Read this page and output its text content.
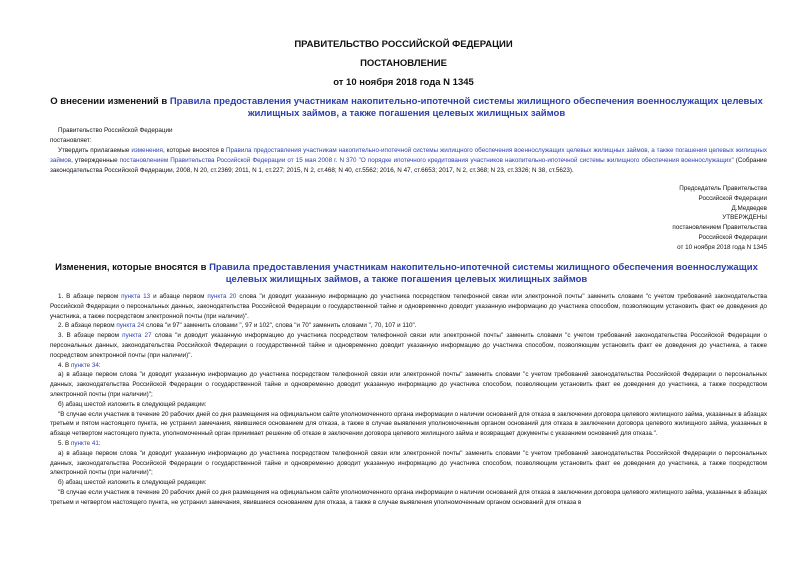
ПРАВИТЕЛЬСТВО РОССИЙСКОЙ ФЕДЕРАЦИИ
ПОСТАНОВЛЕНИЕ
от 10 ноября 2018 года N 1345
О внесении изменений в Правила предоставления участникам накопительно-ипотечной системы жилищного обеспечения военнослужащих целевых жилищных займов, а также погашения целевых жилищных займов

Правительство Российской Федерации

постановляет:

Утвердить прилагаемые изменения, которые вносятся в Правила предоставления участникам накопительно-ипотечной системы жилищного обеспечения военнослужащих целевых жилищных займов, а также погашения целевых жилищных займов, утвержденные постановлением Правительства Российской Федерации от 15 мая 2008 г. N 370 "О порядке ипотечного кредитования участников накопительно-ипотечной системы жилищного обеспечения военнослужащих" (Собрание законодательства Российской Федерации, 2008, N 20, ст.2369; 2011, N 1, ст.227; 2015, N 2, ст.468; N 40, ст.5562; 2016, N 47, ст.6653; 2017, N 2, ст.368; N 23, ст.3326; N 38, ст.5623).

Председатель Правительства

Российской Федерации

Д.Медведев

УТВЕРЖДЕНЫ

постановлением Правительства

Российской Федерации

от 10 ноября 2018 года N 1345

Изменения, которые вносятся в Правила предоставления участникам накопительно-ипотечной системы жилищного обеспечения военнослужащих целевых жилищных займов, а также погашения целевых жилищных займов

1. В абзаце первом пункта 13 и абзаце первом пункта 20 слова "и доводит указанную информацию до участника посредством телефонной связи или электронной почты" заменить словами "с учетом требований законодательства Российской Федерации о персональных данных, законодательства Российской Федерации о государственной тайне и одновременно доводит указанную информацию до участника способом, позволяющим установить факт ее доведения до участника, а также посредством электронной почты (при наличии)".

2. В абзаце первом пункта 24 слова "и 97" заменить словами ", 97 и 102", слова "и 70" заменить словами ", 70, 107 и 110".

3. В абзаце первом пункта 27 слова "и доводит указанную информацию до участника посредством телефонной связи или электронной почты" заменить словами "с учетом требований законодательства Российской Федерации о персональных данных, законодательства Российской Федерации о государственной тайне и одновременно доводит указанную информацию до участника способом, позволяющим установить факт ее доведения до участника, а также посредством электронной почты (при наличии)".

4. В пункте 34:

а) в абзаце первом слова "и доводит указанную информацию до участника посредством телефонной связи или электронной почты" заменить словами "с учетом требований законодательства Российской Федерации о персональных данных, законодательства Российской Федерации о государственной тайне и одновременно доводит указанную информацию до участника способом, позволяющим установить факт ее доведения до участника, а также посредством электронной почты (при наличии)";

б) абзац шестой изложить в следующей редакции:

"В случае если участник в течение 20 рабочих дней со дня размещения на официальном сайте уполномоченного органа информации о наличии оснований для отказа в заключении договора целевого жилищного займа, указанных в абзацах третьем и пятом настоящего пункта, не устранил замечания, явившиеся основанием для отказа, а также в случае выявления уполномоченным органом оснований для отказа в заключении договора целевого жилищного займа, указанных в абзаце четвертом настоящего пункта, уполномоченный орган принимает решение об отказе в заключении договора целевого жилищного займа и возвращает документы с указанием оснований для отказа.".

5. В пункте 41:

а) в абзаце первом слова "и доводит указанную информацию до участника посредством телефонной связи или электронной почты" заменить словами "с учетом требований законодательства Российской Федерации о персональных данных, законодательства Российской Федерации о государственной тайне и одновременно доводит указанную информацию до участника способом, позволяющим установить факт ее доведения до участника, а также посредством электронной почты (при наличии)";

б) абзац шестой изложить в следующей редакции:

"В случае если участник в течение 20 рабочих дней со дня размещения на официальном сайте уполномоченного органа информации о наличии оснований для отказа в заключении договора целевого жилищного займа, указанных в абзацах третьем и четвертом настоящего пункта, не устранил замечания, явившиеся основанием для отказа, а также в случае выявления уполномоченным органом оснований для отказа в
